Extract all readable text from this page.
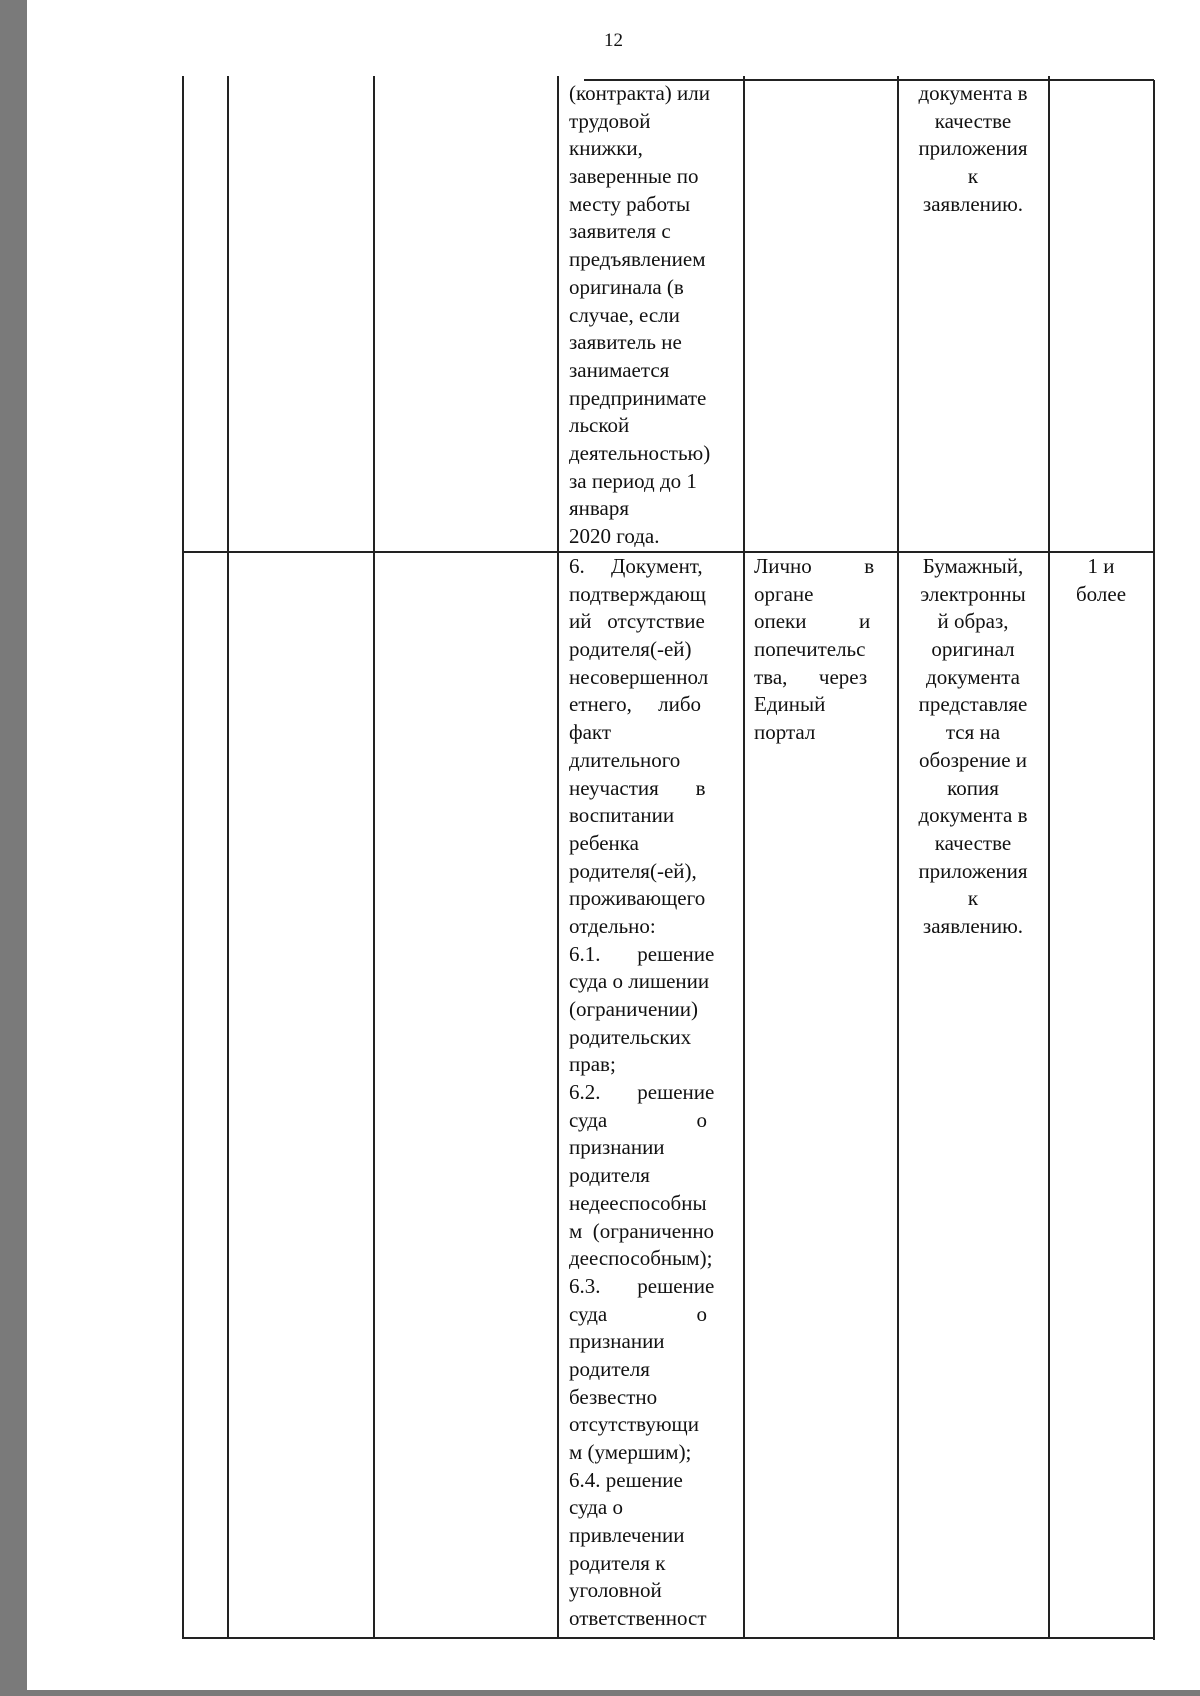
12
(контракта) или
трудовой
книжки,
заверенные по
месту работы
заявителя с
предъявлением
оригинала (в
случае, если
заявитель не
занимается
предпринимате
льской
деятельностью)
за период до 1
января
2020 года.
документа в
качестве
приложения
к
заявлению.
6.     Документ,
подтверждающ
ий   отсутствие
родителя(-ей)
несовершеннол
етнего,     либо
факт
длительного
неучастия       в
воспитании
ребенка
родителя(-ей),
проживающего
отдельно:
6.1.       решение
суда о лишении
(ограничении)
родительских
прав;
6.2.       решение
суда                 о
признании
родителя
недееспособны
м  (ограниченно
дееспособным);
6.3.       решение
суда                 о
признании
родителя
безвестно
отсутствующи
м (умершим);
6.4. решение
суда о
привлечении
родителя к
уголовной
ответственност
Лично          в
органе
опеки          и
попечительс
тва,      через
Единый
портал
Бумажный,
электронны
й образ,
оригинал
документа
представляе
тся на
обозрение и
копия
документа в
качестве
приложения
к
заявлению.
1 и
более
